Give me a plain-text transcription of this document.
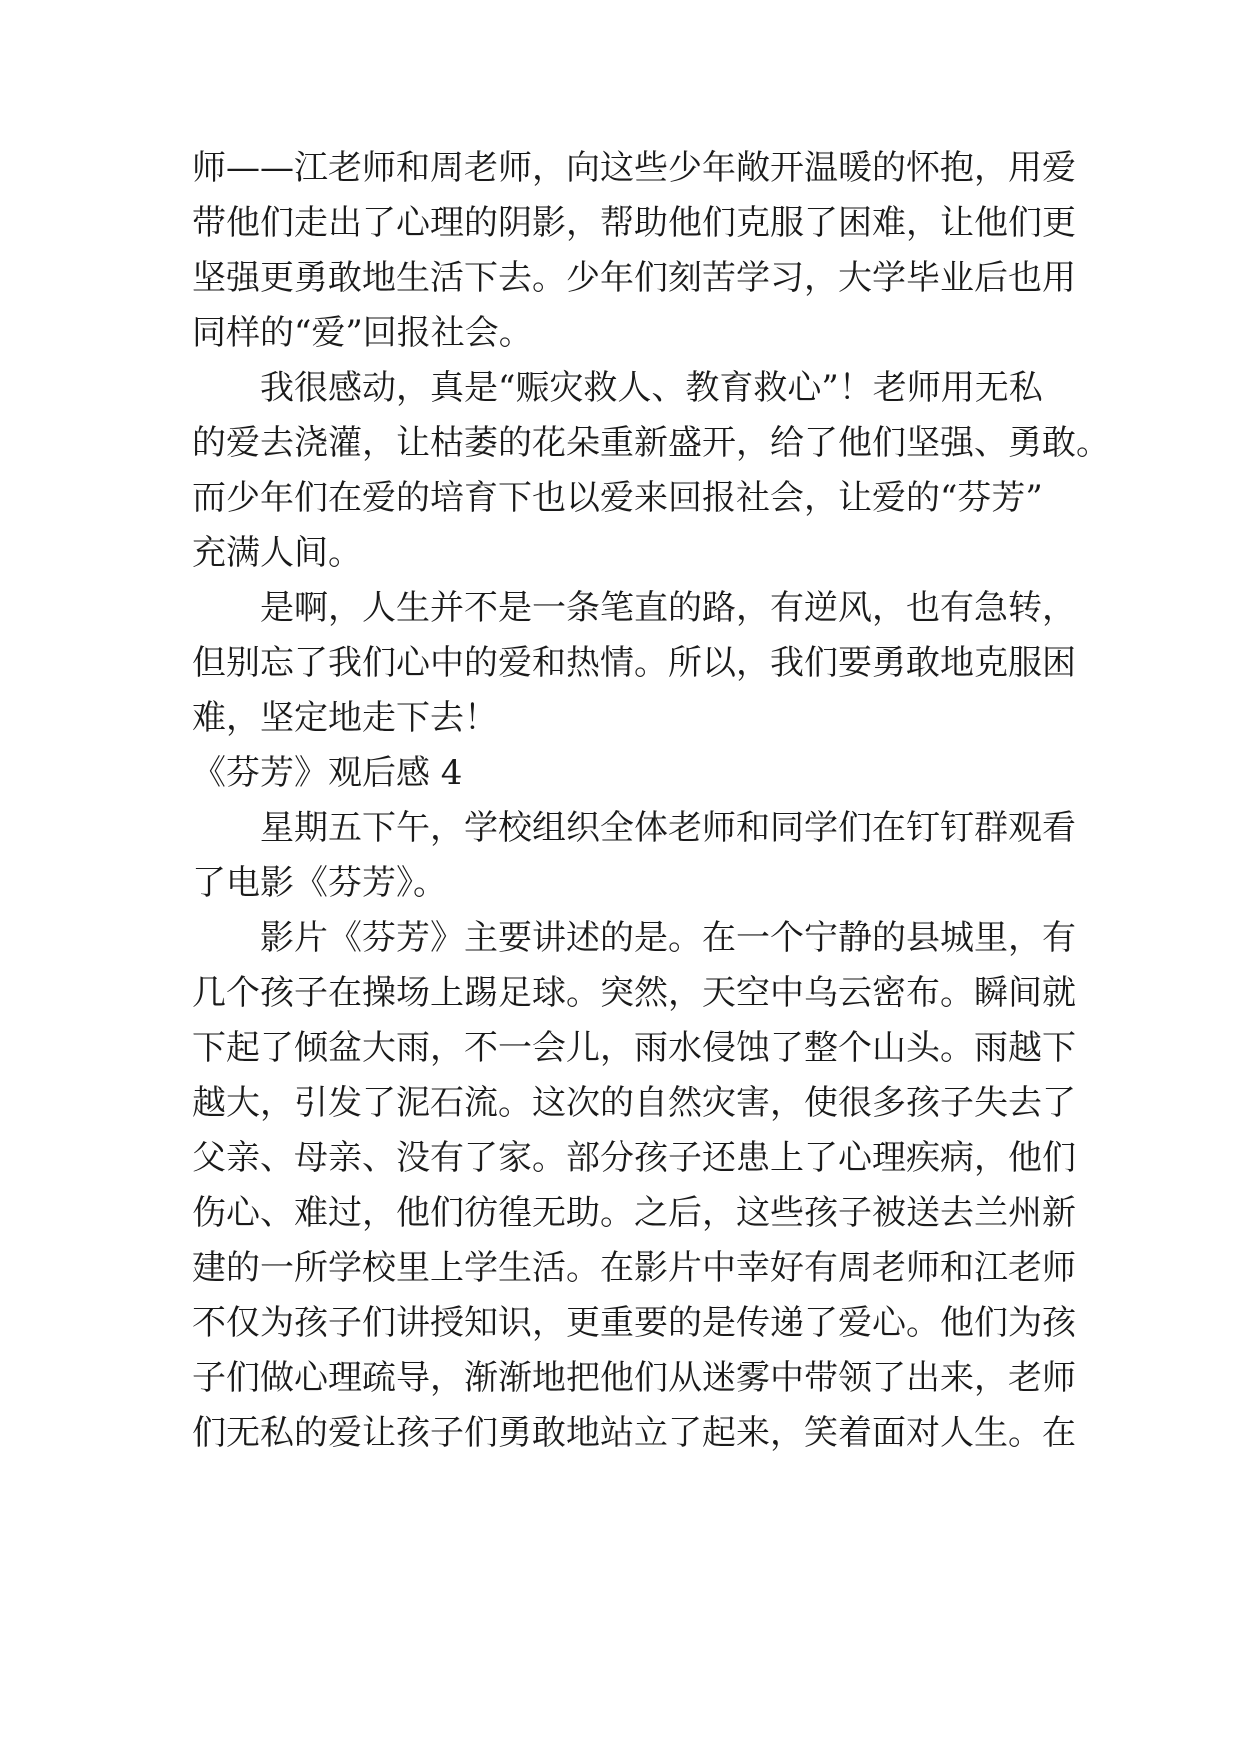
师——江老师和周老师，向这些少年敞开温暖的怀抱，用爱
带他们走出了心理的阴影，帮助他们克服了困难，让他们更
坚强更勇敢地生活下去。少年们刻苦学习，大学毕业后也用
同样的“爱”回报社会。
我很感动，真是“赈灾救人、教育救心”！老师用无私
的爱去浇灌，让枯萎的花朵重新盛开，给了他们坚强、勇敢。
而少年们在爱的培育下也以爱来回报社会，让爱的“芬芳”
充满人间。
是啊，人生并不是一条笔直的路，有逆风，也有急转，
但别忘了我们心中的爱和热情。所以，我们要勇敢地克服困
难，坚定地走下去！
《芬芳》观后感 4
星期五下午，学校组织全体老师和同学们在钉钉群观看
了电影《芬芳》。
影片《芬芳》主要讲述的是。在一个宁静的县城里，有
几个孩子在操场上踢足球。突然，天空中乌云密布。瞬间就
下起了倾盆大雨，不一会儿，雨水侵蚀了整个山头。雨越下
越大，引发了泥石流。这次的自然灾害，使很多孩子失去了
父亲、母亲、没有了家。部分孩子还患上了心理疾病，他们
伤心、难过，他们彷徨无助。之后，这些孩子被送去兰州新
建的一所学校里上学生活。在影片中幸好有周老师和江老师
不仅为孩子们讲授知识，更重要的是传递了爱心。他们为孩
子们做心理疏导，渐渐地把他们从迷雾中带领了出来，老师
们无私的爱让孩子们勇敢地站立了起来，笑着面对人生。在
